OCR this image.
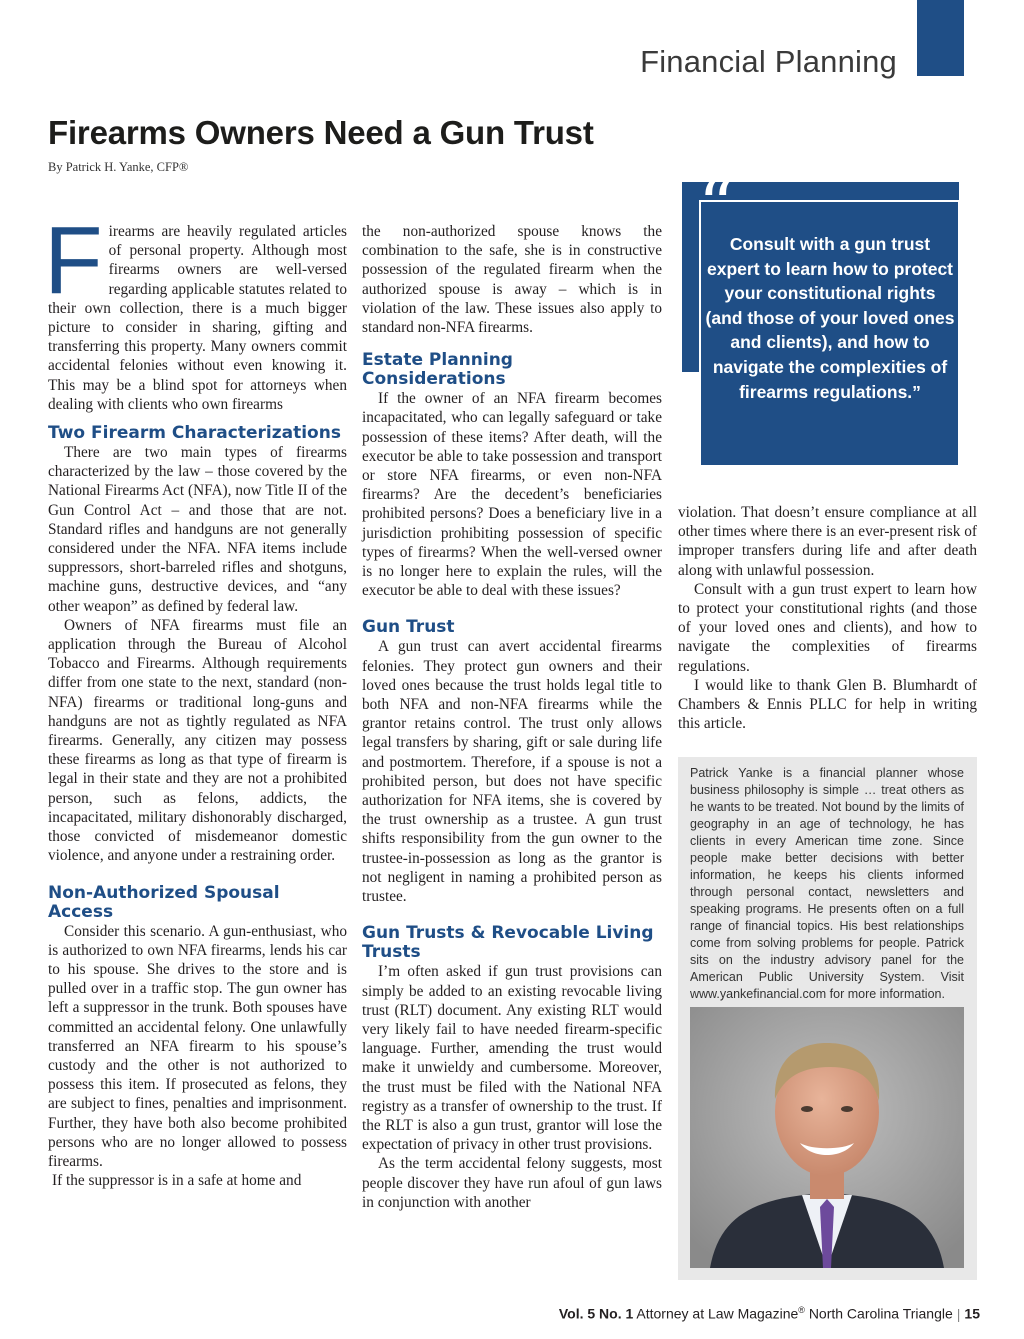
Financial Planning
Firearms Owners Need a Gun Trust

By Patrick H. Yanke, CFP®

Firearms are heavily regulated articles of personal property. Although most firearms owners are well-versed regarding applicable statutes related to their own collection, there is a much bigger picture to consider in sharing, gifting and transferring this property. Many owners commit accidental felonies without even knowing it. This may be a blind spot for attorneys when dealing with clients who own firearms

Two Firearm Characterizations

There are two main types of firearms characterized by the law – those covered by the National Firearms Act (NFA), now Title II of the Gun Control Act – and those that are not. Standard rifles and handguns are not generally considered under the NFA. NFA items include suppressors, short-barreled rifles and shotguns, machine guns, destructive devices, and “any other weapon” as defined by federal law.

Owners of NFA firearms must file an application through the Bureau of Alcohol Tobacco and Firearms. Although requirements differ from one state to the next, standard (non-NFA) firearms or traditional long-guns and handguns are not as tightly regulated as NFA firearms. Generally, any citizen may possess these firearms as long as that type of firearm is legal in their state and they are not a prohibited person, such as felons, addicts, the incapacitated, military dishonorably discharged, those convicted of misdemeanor domestic violence, and anyone under a restraining order.

Non-Authorized Spousal Access

Consider this scenario. A gun-enthusiast, who is authorized to own NFA firearms, lends his car to his spouse. She drives to the store and is pulled over in a traffic stop. The gun owner has left a suppressor in the trunk. Both spouses have committed an accidental felony. One unlawfully transferred an NFA firearm to his spouse’s custody and the other is not authorized to possess this item. If prosecuted as felons, they are subject to fines, penalties and imprisonment. Further, they have both also become prohibited persons who are no longer allowed to possess firearms.

If the suppressor is in a safe at home and

the non-authorized spouse knows the combination to the safe, she is in constructive possession of the regulated firearm when the authorized spouse is away – which is in violation of the law. These issues also apply to standard non-NFA firearms.

Estate Planning Considerations

If the owner of an NFA firearm becomes incapacitated, who can legally safeguard or take possession of these items? After death, will the executor be able to take possession and transport or store NFA firearms, or even non-NFA firearms? Are the decedent’s beneficiaries prohibited persons? Does a beneficiary live in a jurisdiction prohibiting possession of specific types of firearms? When the well-versed owner is no longer here to explain the rules, will the executor be able to deal with these issues?

Gun Trust

A gun trust can avert accidental firearms felonies. They protect gun owners and their loved ones because the trust holds legal title to both NFA and non-NFA firearms while the grantor retains control. The trust only allows legal transfers by sharing, gift or sale during life and postmortem. Therefore, if a spouse is not a prohibited person, but does not have specific authorization for NFA items, she is covered by the trust ownership as a trustee. A gun trust shifts responsibility from the gun owner to the trustee-in-possession as long as the grantor is not negligent in naming a prohibited person as trustee.

Gun Trusts & Revocable Living Trusts

I’m often asked if gun trust provisions can simply be added to an existing revocable living trust (RLT) document. Any existing RLT would very likely fail to have needed firearm-specific language. Further, amending the trust would make it unwieldy and cumbersome. Moreover, the trust must be filed with the National NFA registry as a transfer of ownership to the trust. If the RLT is also a gun trust, grantor will lose the expectation of privacy in other trust provisions.

As the term accidental felony suggests, most people discover they have run afoul of gun laws in conjunction with another

“

Consult with a gun trust expert to learn how to protect your constitutional rights (and those of your loved ones and clients), and how to navigate the complexities of firearms regulations.”

violation. That doesn’t ensure compliance at all other times where there is an ever-present risk of improper transfers during life and after death along with unlawful possession.

Consult with a gun trust expert to learn how to protect your constitutional rights (and those of your loved ones and clients), and how to navigate the complexities of firearms regulations.

I would like to thank Glen B. Blumhardt of Chambers & Ennis PLLC for help in writing this article.

Patrick Yanke is a financial planner whose business philosophy is simple … treat others as he wants to be treated. Not bound by the limits of geography in an age of technology, he has clients in every American time zone. Since people make better decisions with better information, he keeps his clients informed through personal contact, newsletters and speaking programs. He presents often on a full range of financial topics. His best relationships come from solving problems for people. Patrick sits on the industry advisory panel for the American Public University System. Visit www.yankefinancial.com for more information.

Vol. 5 No. 1 Attorney at Law Magazine® North Carolina Triangle | 15
